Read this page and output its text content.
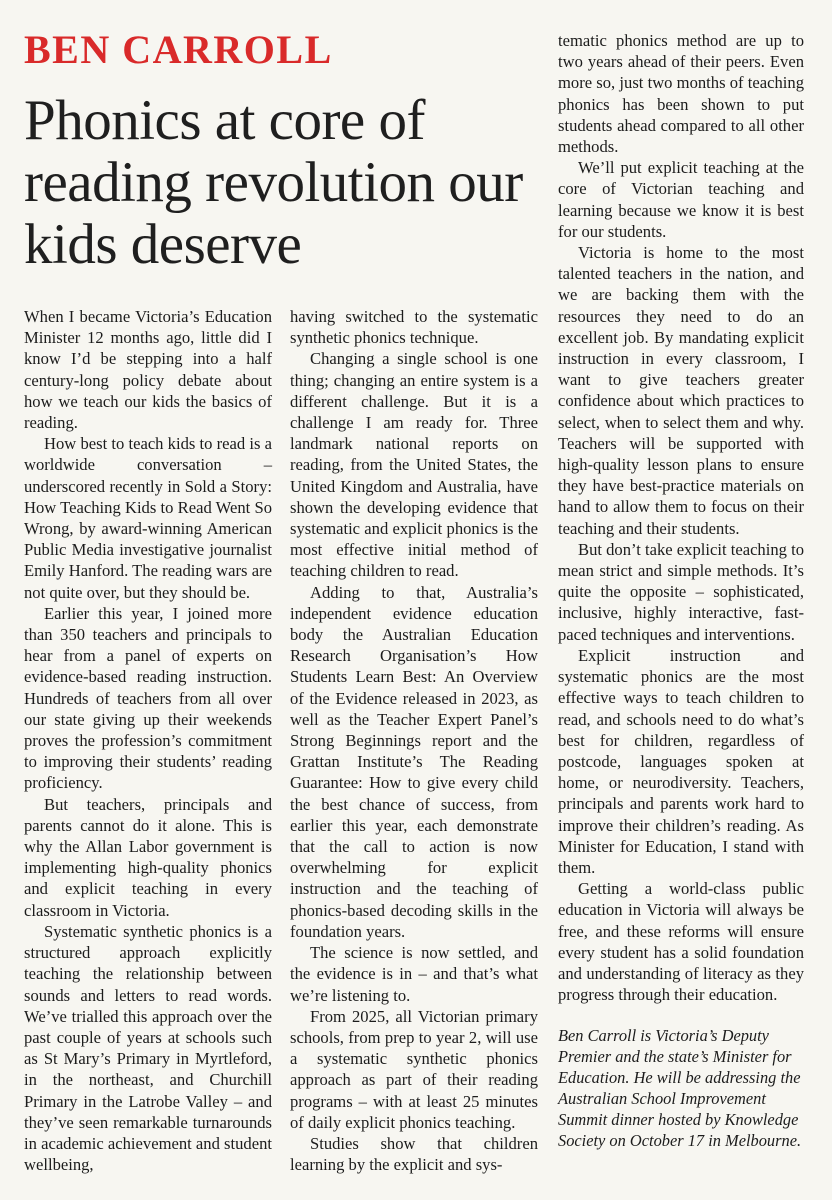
BEN CARROLL
Phonics at core of reading revolution our kids deserve

When I became Victoria’s Education Minister 12 months ago, little did I know I’d be stepping into a half century-long policy debate about how we teach our kids the basics of reading.

How best to teach kids to read is a worldwide conversation – underscored recently in Sold a Story: How Teaching Kids to Read Went So Wrong, by award-winning American Public Media investigative journalist Emily Hanford. The reading wars are not quite over, but they should be.

Earlier this year, I joined more than 350 teachers and principals to hear from a panel of experts on evidence-based reading instruction. Hundreds of teachers from all over our state giving up their weekends proves the profession’s commitment to improving their students’ reading proficiency.

But teachers, principals and parents cannot do it alone. This is why the Allan Labor government is implementing high-quality phonics and explicit teaching in every classroom in Victoria.

Systematic synthetic phonics is a structured approach explicitly teaching the relationship between sounds and letters to read words. We’ve trialled this approach over the past couple of years at schools such as St Mary’s Primary in Myrtleford, in the northeast, and Churchill Primary in the Latrobe Valley – and they’ve seen remarkable turnarounds in academic achievement and student wellbeing,

having switched to the systematic synthetic phonics technique.

Changing a single school is one thing; changing an entire system is a different challenge. But it is a challenge I am ready for. Three landmark national reports on reading, from the United States, the United Kingdom and Australia, have shown the developing evidence that systematic and explicit phonics is the most effective initial method of teaching children to read.

Adding to that, Australia’s independent evidence education body the Australian Education Research Organisation’s How Students Learn Best: An Overview of the Evidence released in 2023, as well as the Teacher Expert Panel’s Strong Beginnings report and the Grattan Institute’s The Reading Guarantee: How to give every child the best chance of success, from earlier this year, each demonstrate that the call to action is now overwhelming for explicit instruction and the teaching of phonics-based decoding skills in the foundation years.

The science is now settled, and the evidence is in – and that’s what we’re listening to.

From 2025, all Victorian primary schools, from prep to year 2, will use a systematic synthetic phonics approach as part of their reading programs – with at least 25 minutes of daily explicit phonics teaching.

Studies show that children learning by the explicit and sys-

tematic phonics method are up to two years ahead of their peers. Even more so, just two months of teaching phonics has been shown to put students ahead compared to all other methods.

We’ll put explicit teaching at the core of Victorian teaching and learning because we know it is best for our students.

Victoria is home to the most talented teachers in the nation, and we are backing them with the resources they need to do an excellent job. By mandating explicit instruction in every classroom, I want to give teachers greater confidence about which practices to select, when to select them and why. Teachers will be supported with high-quality lesson plans to ensure they have best-practice materials on hand to allow them to focus on their teaching and their students.

But don’t take explicit teaching to mean strict and simple methods. It’s quite the opposite – sophisticated, inclusive, highly interactive, fast-paced techniques and interventions.

Explicit instruction and systematic phonics are the most effective ways to teach children to read, and schools need to do what’s best for children, regardless of postcode, languages spoken at home, or neurodiversity. Teachers, principals and parents work hard to improve their children’s reading. As Minister for Education, I stand with them.

Getting a world-class public education in Victoria will always be free, and these reforms will ensure every student has a solid foundation and understanding of literacy as they progress through their education.

Ben Carroll is Victoria’s Deputy Premier and the state’s Minister for Education. He will be addressing the Australian School Improvement Summit dinner hosted by Knowledge Society on October 17 in Melbourne.
